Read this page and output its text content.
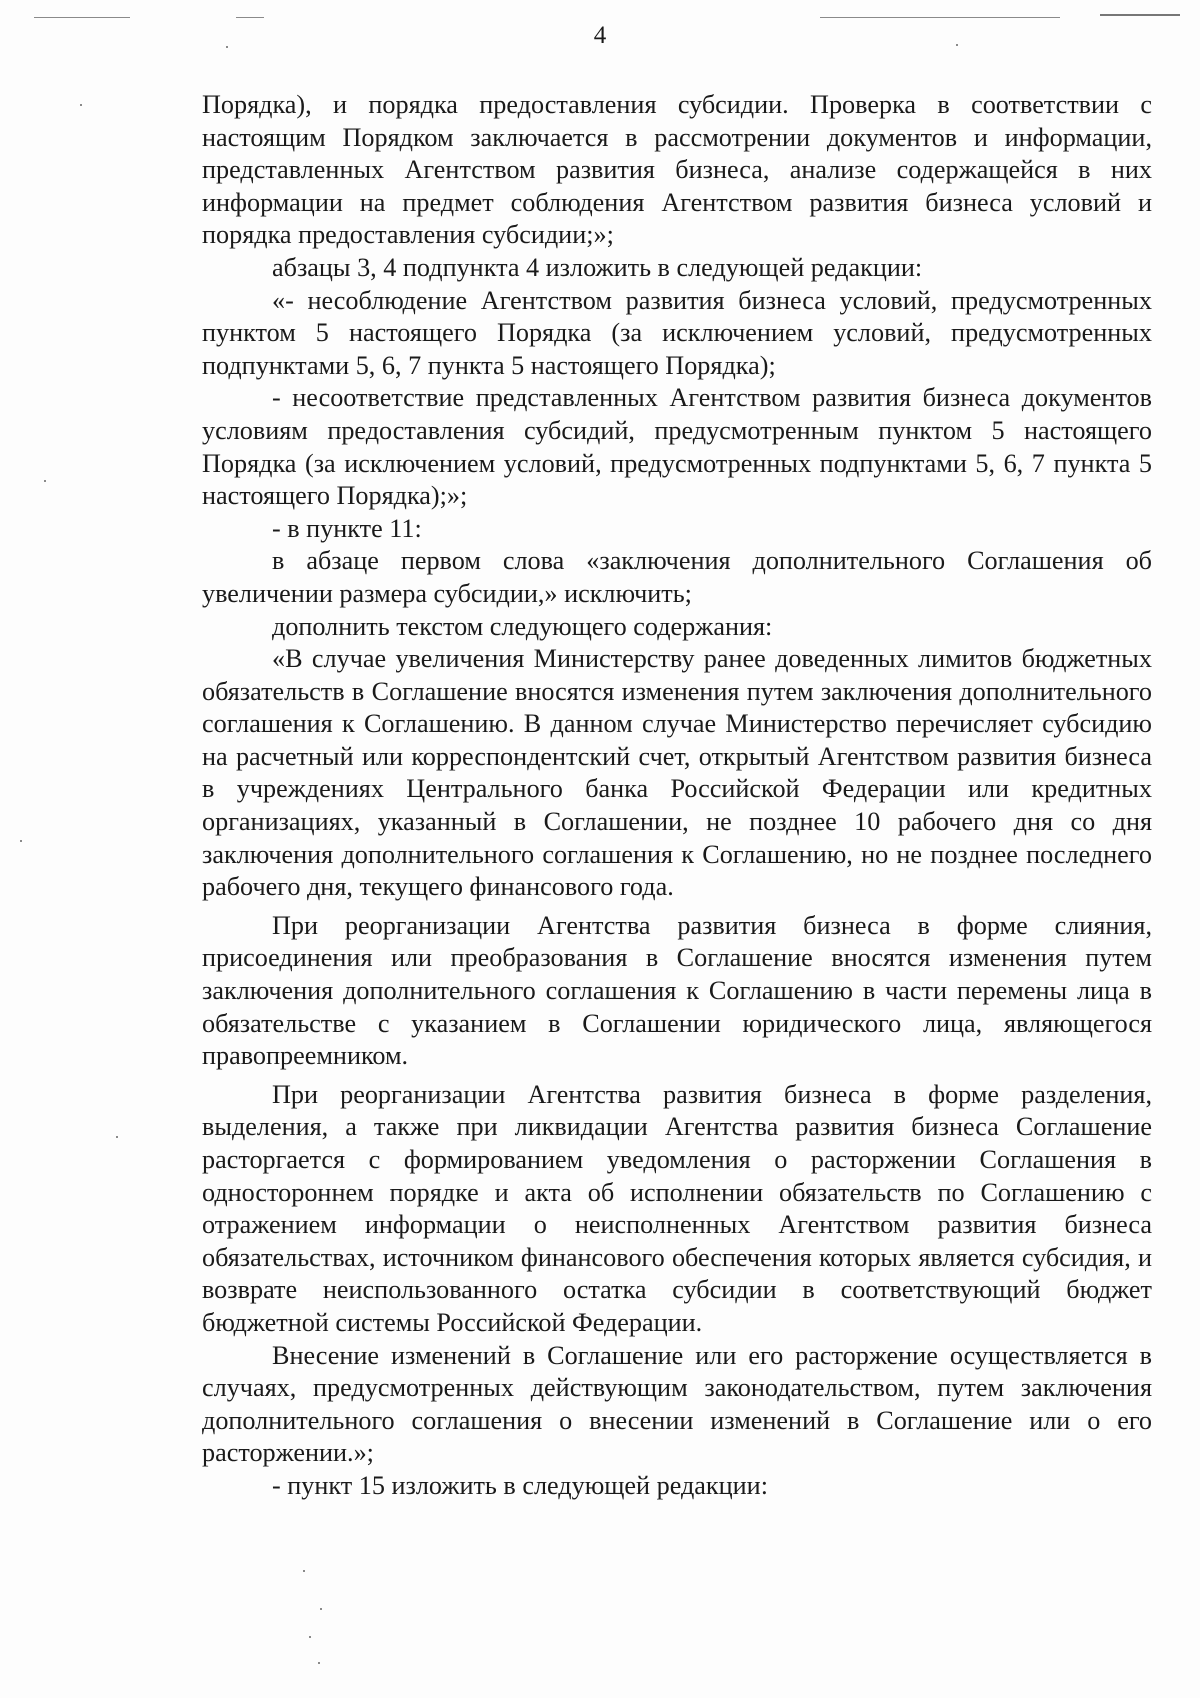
4

Порядка), и порядка предоставления субсидии. Проверка в соответствии с настоящим Порядком заключается в рассмотрении документов и информации, представленных Агентством развития бизнеса, анализе содержащейся в них информации на предмет соблюдения Агентством развития бизнеса условий и порядка предоставления субсидии;»;

абзацы 3, 4 подпункта 4 изложить в следующей редакции:

«- несоблюдение Агентством развития бизнеса условий, предусмотренных пунктом 5 настоящего Порядка (за исключением условий, предусмотренных подпунктами 5, 6, 7 пункта 5 настоящего Порядка);

- несоответствие представленных Агентством развития бизнеса документов условиям предоставления субсидий, предусмотренным пунктом 5 настоящего Порядка (за исключением условий, предусмотренных подпунктами 5, 6, 7 пункта 5 настоящего Порядка);»;

- в пункте 11:

в абзаце первом слова «заключения дополнительного Соглашения об увеличении размера субсидии,» исключить;

дополнить текстом следующего содержания:

«В случае увеличения Министерству ранее доведенных лимитов бюджетных обязательств в Соглашение вносятся изменения путем заключения дополнительного соглашения к Соглашению. В данном случае Министерство перечисляет субсидию на расчетный или корреспондентский счет, открытый Агентством развития бизнеса в учреждениях Центрального банка Российской Федерации или кредитных организациях, указанный в Соглашении, не позднее 10 рабочего дня со дня заключения дополнительного соглашения к Соглашению, но не позднее последнего рабочего дня, текущего финансового года.

При реорганизации Агентства развития бизнеса в форме слияния, присоединения или преобразования в Соглашение вносятся изменения путем заключения дополнительного соглашения к Соглашению в части перемены лица в обязательстве с указанием в Соглашении юридического лица, являющегося правопреемником.

При реорганизации Агентства развития бизнеса в форме разделения, выделения, а также при ликвидации Агентства развития бизнеса Соглашение расторгается с формированием уведомления о расторжении Соглашения в одностороннем порядке и акта об исполнении обязательств по Соглашению с отражением информации о неисполненных Агентством развития бизнеса обязательствах, источником финансового обеспечения которых является субсидия, и возврате неиспользованного остатка субсидии в соответствующий бюджет бюджетной системы Российской Федерации.

Внесение изменений в Соглашение или его расторжение осуществляется в случаях, предусмотренных действующим законодательством, путем заключения дополнительного соглашения о внесении изменений в Соглашение или о его расторжении.»;

- пункт 15 изложить в следующей редакции:
